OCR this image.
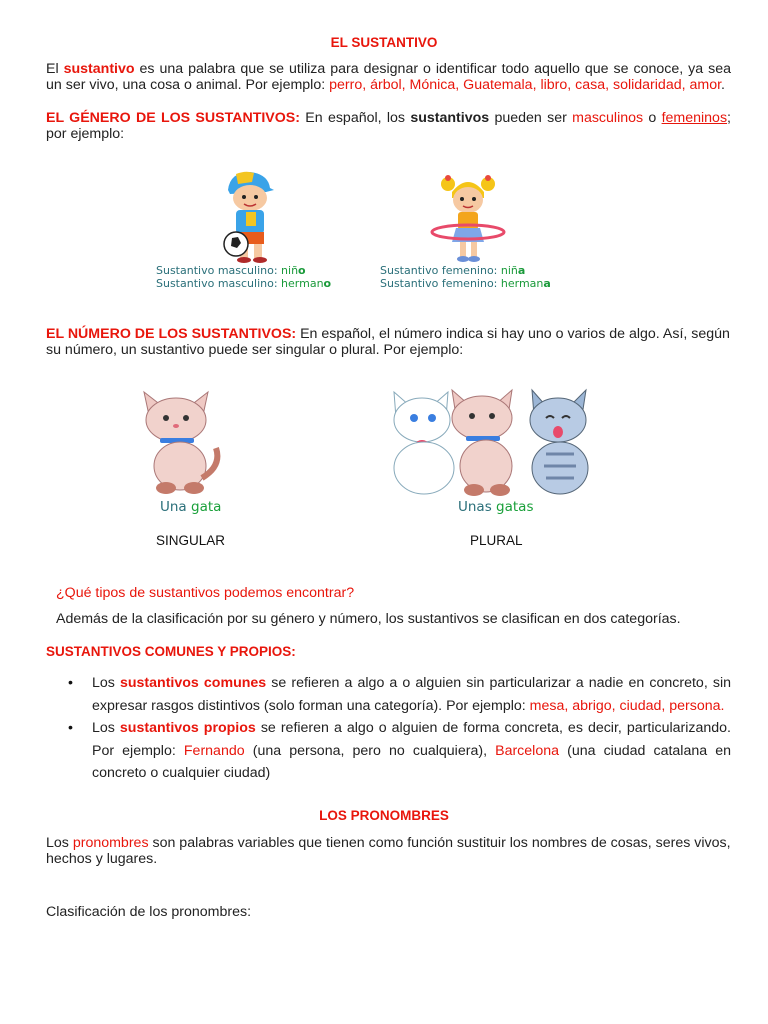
EL SUSTANTIVO
El sustantivo es una palabra que se utiliza para designar o identificar todo aquello que se conoce, ya sea un ser vivo, una cosa o animal. Por ejemplo: perro, árbol, Mónica, Guatemala, libro, casa, solidaridad, amor.
EL GÉNERO DE LOS SUSTANTIVOS: En español, los sustantivos pueden ser masculinos o femeninos; por ejemplo:
Sustantivo masculino: niño
Sustantivo masculino: hermano
Sustantivo femenino: niña
Sustantivo femenino: hermana
EL NÚMERO DE LOS SUSTANTIVOS: En español, el número indica si hay uno o varios de algo. Así, según su número, un sustantivo puede ser singular o plural. Por ejemplo:
Una gata	Unas gatas
SINGULAR	PLURAL
¿Qué tipos de sustantivos podemos encontrar?
Además de la clasificación por su género y número, los sustantivos se clasifican en dos categorías.
SUSTANTIVOS COMUNES Y PROPIOS:
• Los sustantivos comunes se refieren a algo a o alguien sin particularizar a nadie en concreto, sin expresar rasgos distintivos (solo forman una categoría). Por ejemplo: mesa, abrigo, ciudad, persona.
• Los sustantivos propios se refieren a algo o alguien de forma concreta, es decir, particularizando. Por ejemplo: Fernando (una persona, pero no cualquiera), Barcelona (una ciudad catalana en concreto o cualquier ciudad)
LOS PRONOMBRES
Los pronombres son palabras variables que tienen como función sustituir los nombres de cosas, seres vivos, hechos y lugares.
Clasificación de los pronombres:
